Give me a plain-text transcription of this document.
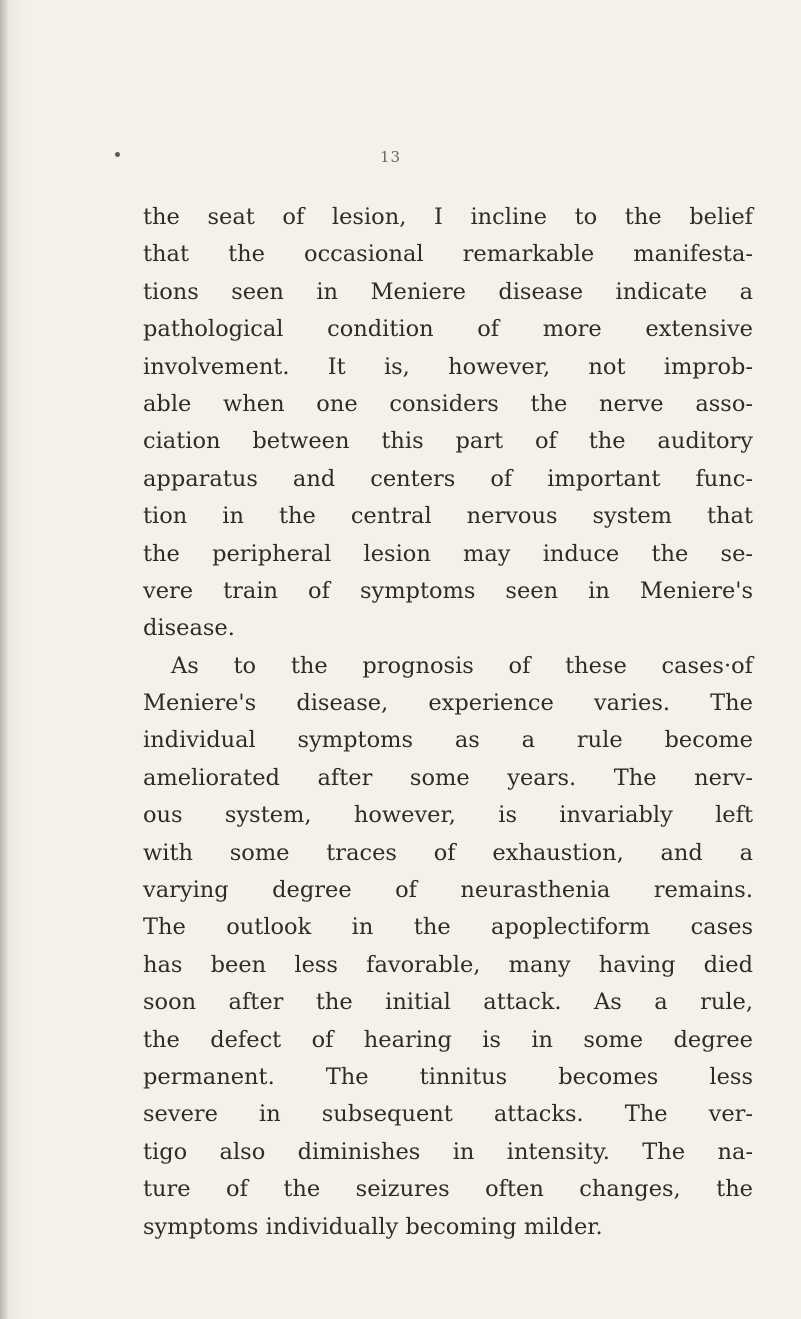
13
the seat of lesion, I incline to the belief
that the occasional remarkable manifesta-
tions seen in Meniere disease indicate a
pathological condition of more extensive
involvement. It is, however, not improb-
able when one considers the nerve asso-
ciation between this part of the auditory
apparatus and centers of important func-
tion in the central nervous system that
the peripheral lesion may induce the se-
vere train of symptoms seen in Meniere's
disease.
As to the prognosis of these cases·of
Meniere's disease, experience varies. The
individual symptoms as a rule become
ameliorated after some years. The nerv-
ous system, however, is invariably left
with some traces of exhaustion, and a
varying degree of neurasthenia remains.
The outlook in the apoplectiform cases
has been less favorable, many having died
soon after the initial attack. As a rule,
the defect of hearing is in some degree
permanent. The tinnitus becomes less
severe in subsequent attacks. The ver-
tigo also diminishes in intensity. The na-
ture of the seizures often changes, the
symptoms individually becoming milder.
